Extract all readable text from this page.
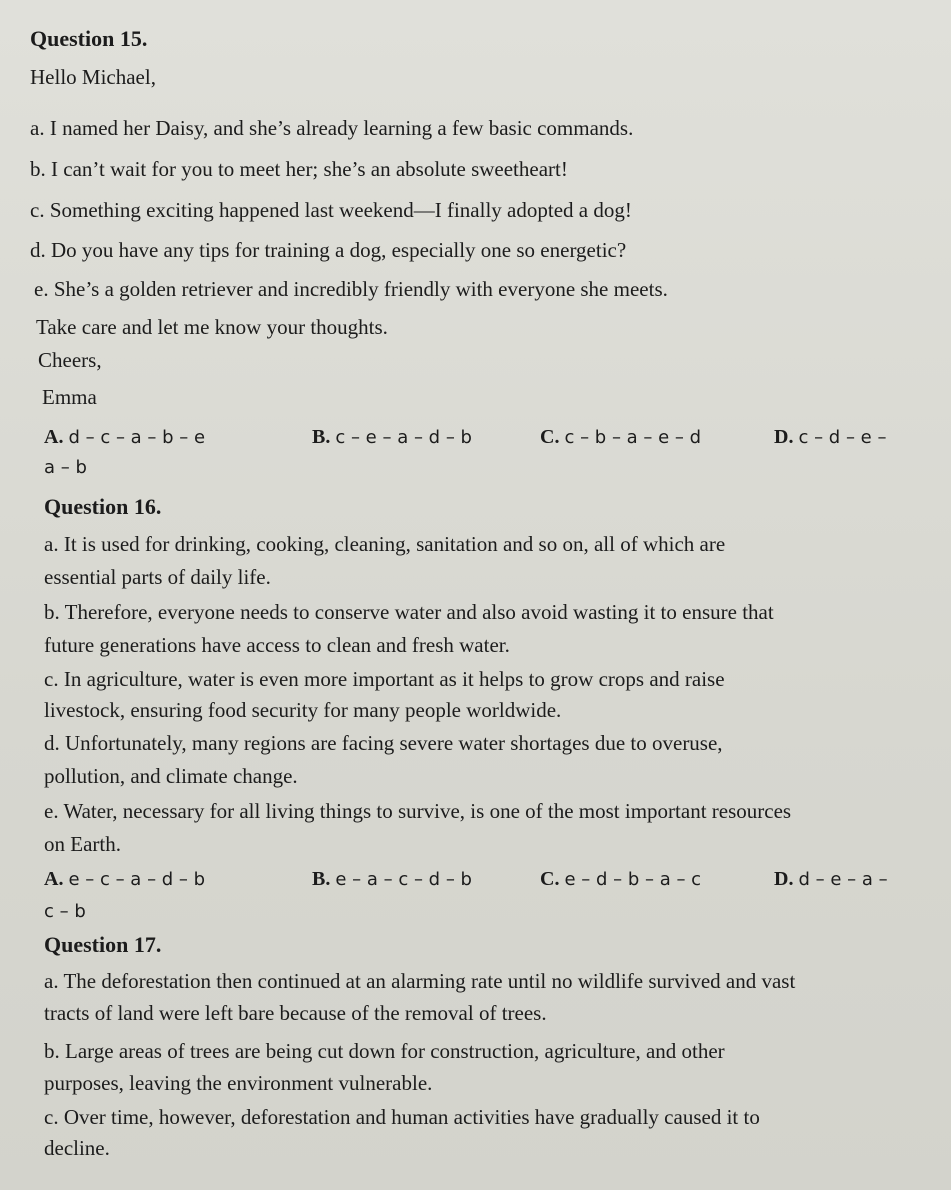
Question 15.
Hello Michael,
a. I named her Daisy, and she’s already learning a few basic commands.
b. I can’t wait for you to meet her; she’s an absolute sweetheart!
c. Something exciting happened last weekend—I finally adopted a dog!
d. Do you have any tips for training a dog, especially one so energetic?
e. She’s a golden retriever and incredibly friendly with everyone she meets.
Take care and let me know your thoughts.
Cheers,
Emma
A. d – c – a – b – e	B. c – e – a – d – b	C. c – b – a – e – d	D. c – d – e –
a – b
Question 16.
a. It is used for drinking, cooking, cleaning, sanitation and so on, all of which are
essential parts of daily life.
b. Therefore, everyone needs to conserve water and also avoid wasting it to ensure that
future generations have access to clean and fresh water.
c. In agriculture, water is even more important as it helps to grow crops and raise
livestock, ensuring food security for many people worldwide.
d. Unfortunately, many regions are facing severe water shortages due to overuse,
pollution, and climate change.
e. Water, necessary for all living things to survive, is one of the most important resources
on Earth.
A. e – c – a – d – b	B. e – a – c – d – b	C. e – d – b – a – c	D. d – e – a –
c – b
Question 17.
a. The deforestation then continued at an alarming rate until no wildlife survived and vast
tracts of land were left bare because of the removal of trees.
b. Large areas of trees are being cut down for construction, agriculture, and other
purposes, leaving the environment vulnerable.
c. Over time, however, deforestation and human activities have gradually caused it to
decline.
